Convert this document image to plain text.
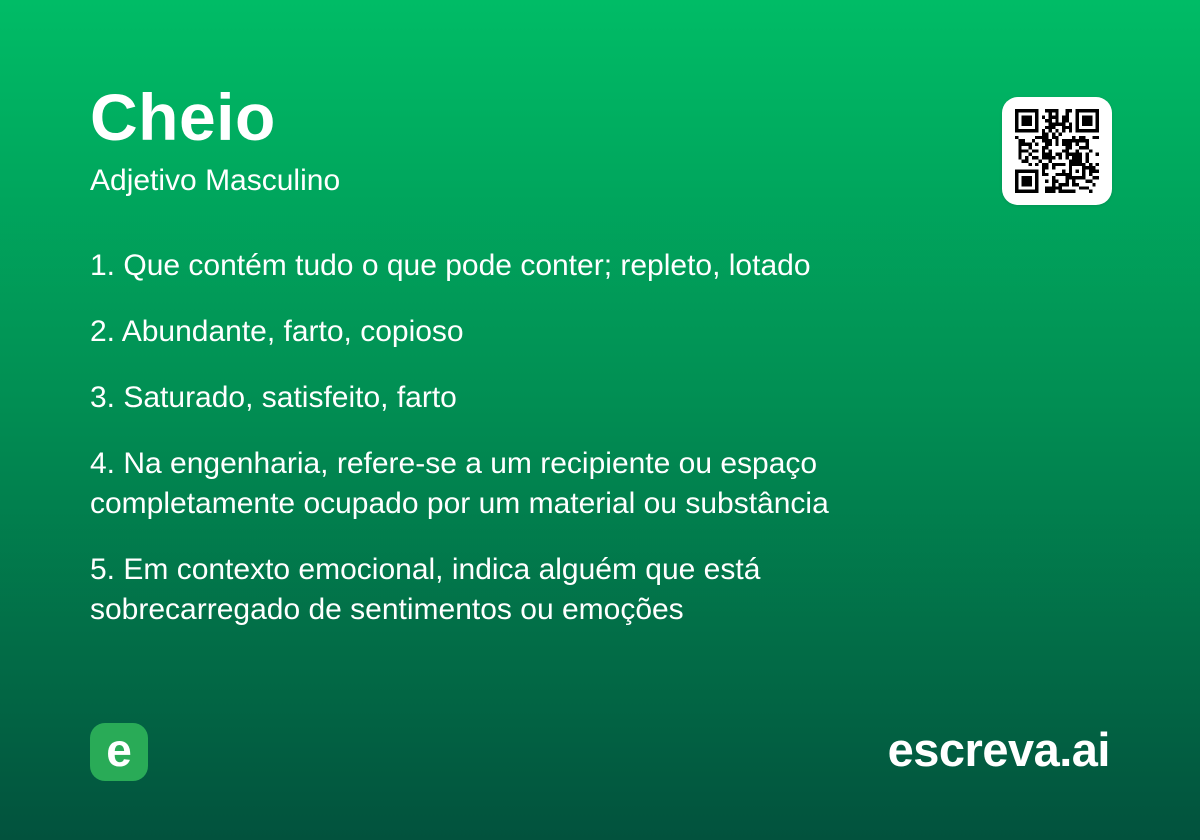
Cheio
Adjetivo Masculino
1. Que contém tudo o que pode conter; repleto, lotado
2. Abundante, farto, copioso
3. Saturado, satisfeito, farto
4. Na engenharia, refere-se a um recipiente ou espaço completamente ocupado por um material ou substância
5. Em contexto emocional, indica alguém que está sobrecarregado de sentimentos ou emoções
e	escreva.ai
